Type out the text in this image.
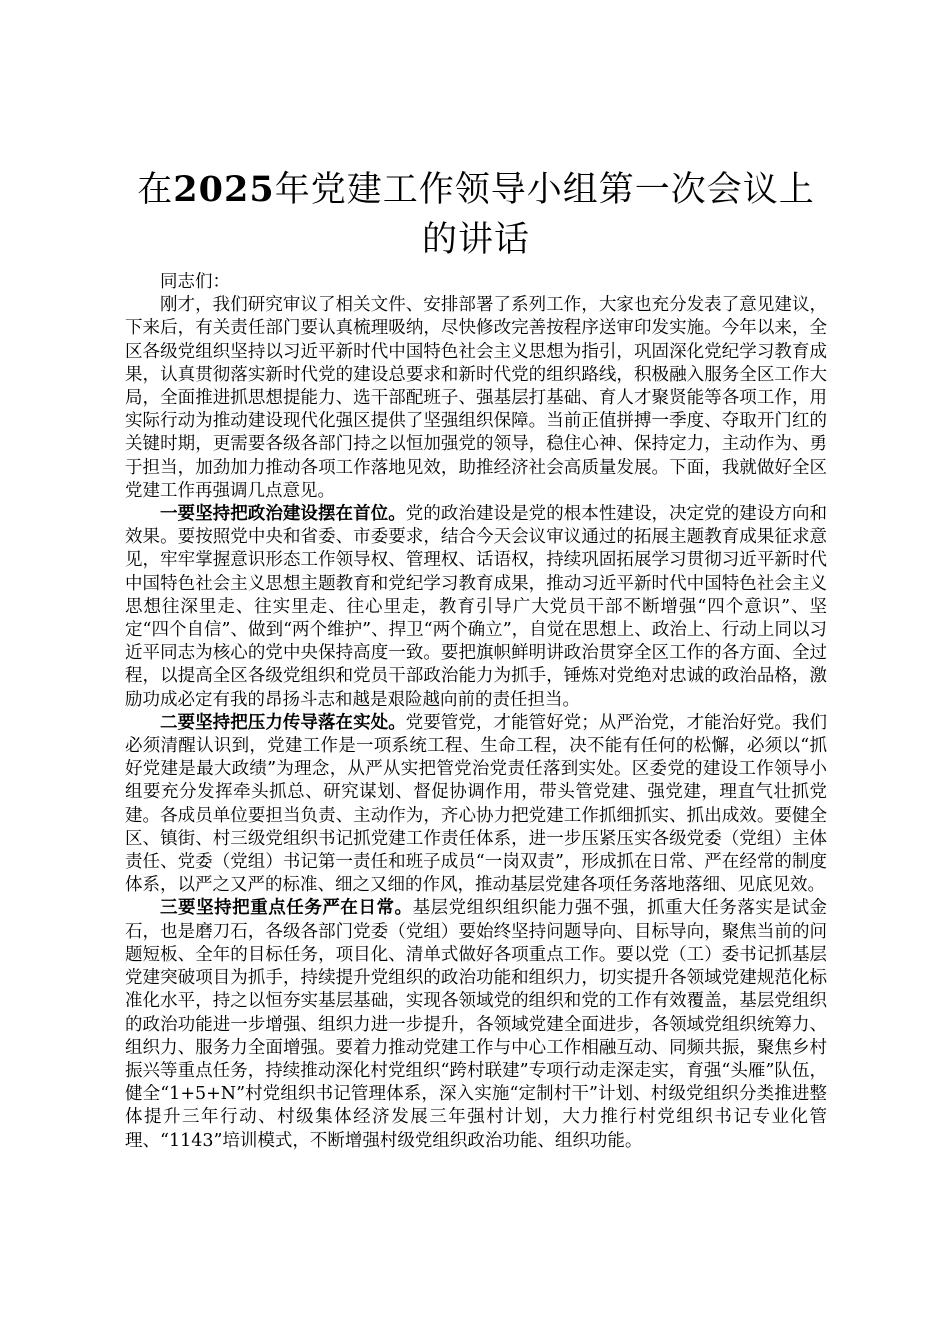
在2025年党建工作领导小组第一次会议上的讲话

同志们：

刚才，我们研究审议了相关文件、安排部署了系列工作，大家也充分发表了意见建议，下来后，有关责任部门要认真梳理吸纳，尽快修改完善按程序送审印发实施。今年以来，全区各级党组织坚持以习近平新时代中国特色社会主义思想为指引，巩固深化党纪学习教育成果，认真贯彻落实新时代党的建设总要求和新时代党的组织路线，积极融入服务全区工作大局，全面推进抓思想提能力、选干部配班子、强基层打基础、育人才聚贤能等各项工作，用实际行动为推动建设现代化强区提供了坚强组织保障。当前正值拼搏一季度、夺取开门红的关键时期，更需要各级各部门持之以恒加强党的领导，稳住心神、保持定力，主动作为、勇于担当，加劲加力推动各项工作落地见效，助推经济社会高质量发展。下面，我就做好全区党建工作再强调几点意见。

一要坚持把政治建设摆在首位。党的政治建设是党的根本性建设，决定党的建设方向和效果。要按照党中央和省委、市委要求，结合今天会议审议通过的拓展主题教育成果征求意见，牢牢掌握意识形态工作领导权、管理权、话语权，持续巩固拓展学习贯彻习近平新时代中国特色社会主义思想主题教育和党纪学习教育成果，推动习近平新时代中国特色社会主义思想往深里走、往实里走、往心里走，教育引导广大党员干部不断增强“四个意识”、坚定“四个自信”、做到“两个维护”、捍卫“两个确立”，自觉在思想上、政治上、行动上同以习近平同志为核心的党中央保持高度一致。要把旗帜鲜明讲政治贯穿全区工作的各方面、全过程，以提高全区各级党组织和党员干部政治能力为抓手，锤炼对党绝对忠诚的政治品格，激励功成必定有我的昂扬斗志和越是艰险越向前的责任担当。

二要坚持把压力传导落在实处。党要管党，才能管好党；从严治党，才能治好党。我们必须清醒认识到，党建工作是一项系统工程、生命工程，决不能有任何的松懈，必须以“抓好党建是最大政绩”为理念，从严从实把管党治党责任落到实处。区委党的建设工作领导小组要充分发挥牵头抓总、研究谋划、督促协调作用，带头管党建、强党建，理直气壮抓党建。各成员单位要担当负责、主动作为，齐心协力把党建工作抓细抓实、抓出成效。要健全区、镇街、村三级党组织书记抓党建工作责任体系，进一步压紧压实各级党委（党组）主体责任、党委（党组）书记第一责任和班子成员“一岗双责”，形成抓在日常、严在经常的制度体系，以严之又严的标准、细之又细的作风，推动基层党建各项任务落地落细、见底见效。

三要坚持把重点任务严在日常。基层党组织组织能力强不强，抓重大任务落实是试金石，也是磨刀石，各级各部门党委（党组）要始终坚持问题导向、目标导向，聚焦当前的问题短板、全年的目标任务，项目化、清单式做好各项重点工作。要以党（工）委书记抓基层党建突破项目为抓手，持续提升党组织的政治功能和组织力，切实提升各领域党建规范化标准化水平，持之以恒夯实基层基础，实现各领域党的组织和党的工作有效覆盖，基层党组织的政治功能进一步增强、组织力进一步提升，各领域党建全面进步，各领域党组织统筹力、组织力、服务力全面增强。要着力推动党建工作与中心工作相融互动、同频共振，聚焦乡村振兴等重点任务，持续推动深化村党组织“跨村联建”专项行动走深走实，育强“头雁”队伍，健全“1+5+N”村党组织书记管理体系，深入实施“定制村干”计划、村级党组织分类推进整体提升三年行动、村级集体经济发展三年强村计划，大力推行村党组织书记专业化管理、“1143”培训模式，不断增强村级党组织政治功能、组织功能。
